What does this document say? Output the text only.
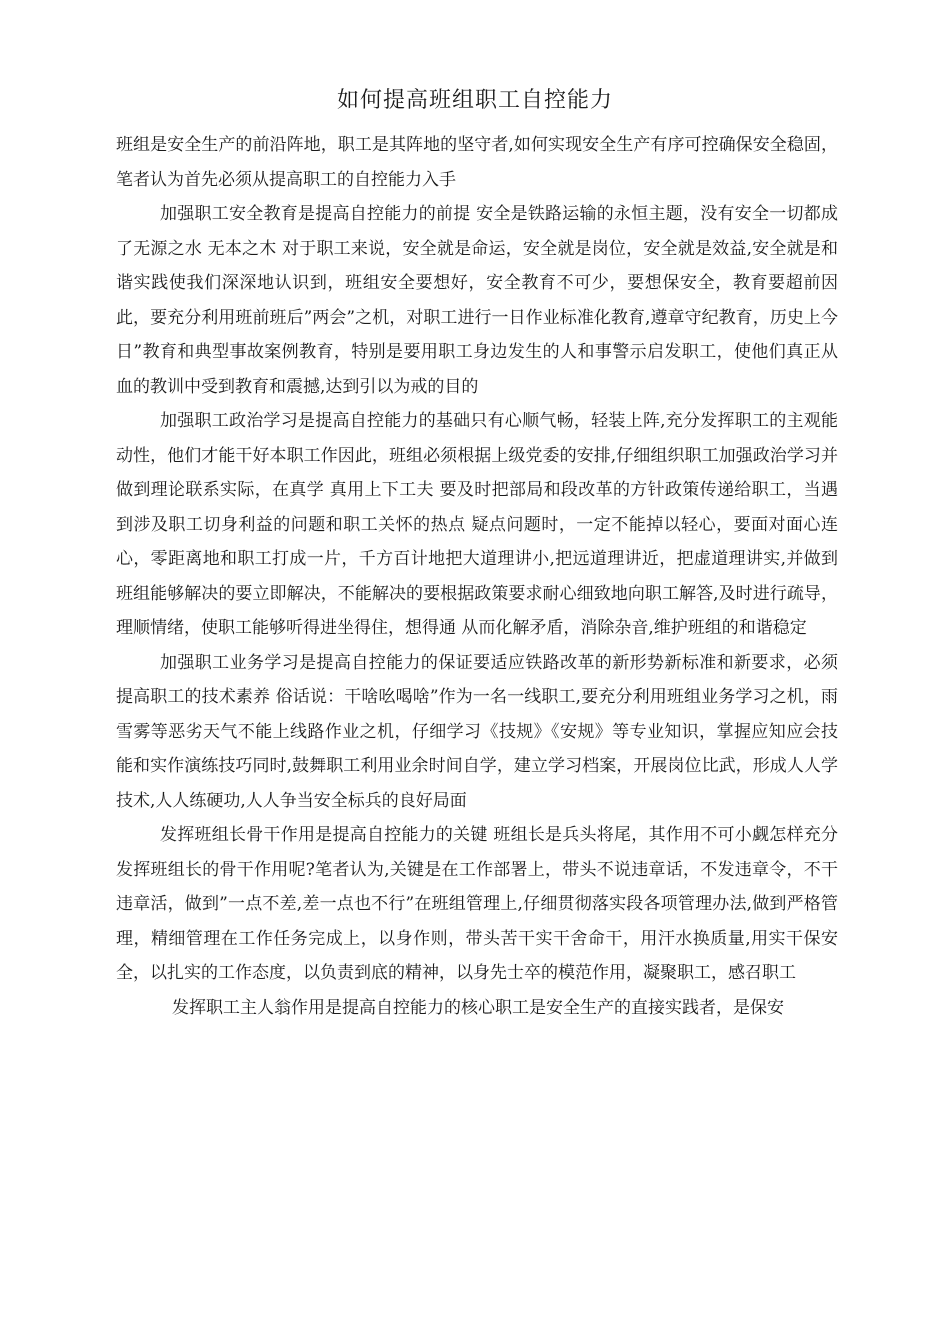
如何提高班组职工自控能力

班组是安全生产的前沿阵地，职工是其阵地的坚守者,如何实现安全生产有序可控确保安全稳固，笔者认为首先必须从提高职工的自控能力入手

加强职工安全教育是提高自控能力的前提 安全是铁路运输的永恒主题，没有安全一切都成了无源之水 无本之木 对于职工来说，安全就是命运，安全就是岗位，安全就是效益,安全就是和谐实践使我们深深地认识到，班组安全要想好，安全教育不可少，要想保安全，教育要超前因此，要充分利用班前班后”两会”之机，对职工进行一日作业标准化教育,遵章守纪教育，历史上今日”教育和典型事故案例教育，特别是要用职工身边发生的人和事警示启发职工，使他们真正从血的教训中受到教育和震撼,达到引以为戒的目的

加强职工政治学习是提高自控能力的基础只有心顺气畅，轻装上阵,充分发挥职工的主观能动性，他们才能干好本职工作因此，班组必须根据上级党委的安排,仔细组织职工加强政治学习并做到理论联系实际，在真学 真用上下工夫 要及时把部局和段改革的方针政策传递给职工，当遇到涉及职工切身利益的问题和职工关怀的热点 疑点问题时，一定不能掉以轻心，要面对面心连心，零距离地和职工打成一片，千方百计地把大道理讲小,把远道理讲近，把虚道理讲实,并做到班组能够解决的要立即解决，不能解决的要根据政策要求耐心细致地向职工解答,及时进行疏导，理顺情绪，使职工能够听得进坐得住，想得通 从而化解矛盾，消除杂音,维护班组的和谐稳定

加强职工业务学习是提高自控能力的保证要适应铁路改革的新形势新标准和新要求，必须提高职工的技术素养 俗话说：干啥吆喝啥”作为一名一线职工,要充分利用班组业务学习之机，雨雪雾等恶劣天气不能上线路作业之机，仔细学习《技规》《安规》等专业知识，掌握应知应会技能和实作演练技巧同时,鼓舞职工利用业余时间自学，建立学习档案，开展岗位比武，形成人人学技术,人人练硬功,人人争当安全标兵的良好局面

发挥班组长骨干作用是提高自控能力的关键 班组长是兵头将尾，其作用不可小觑怎样充分发挥班组长的骨干作用呢?笔者认为,关键是在工作部署上，带头不说违章话，不发违章令，不干违章活，做到”一点不差,差一点也不行”在班组管理上,仔细贯彻落实段各项管理办法,做到严格管理，精细管理在工作任务完成上，以身作则，带头苦干实干舍命干，用汗水换质量,用实干保安全，以扎实的工作态度，以负责到底的精神，以身先士卒的模范作用，凝聚职工，感召职工

发挥职工主人翁作用是提高自控能力的核心职工是安全生产的直接实践者，是保安
